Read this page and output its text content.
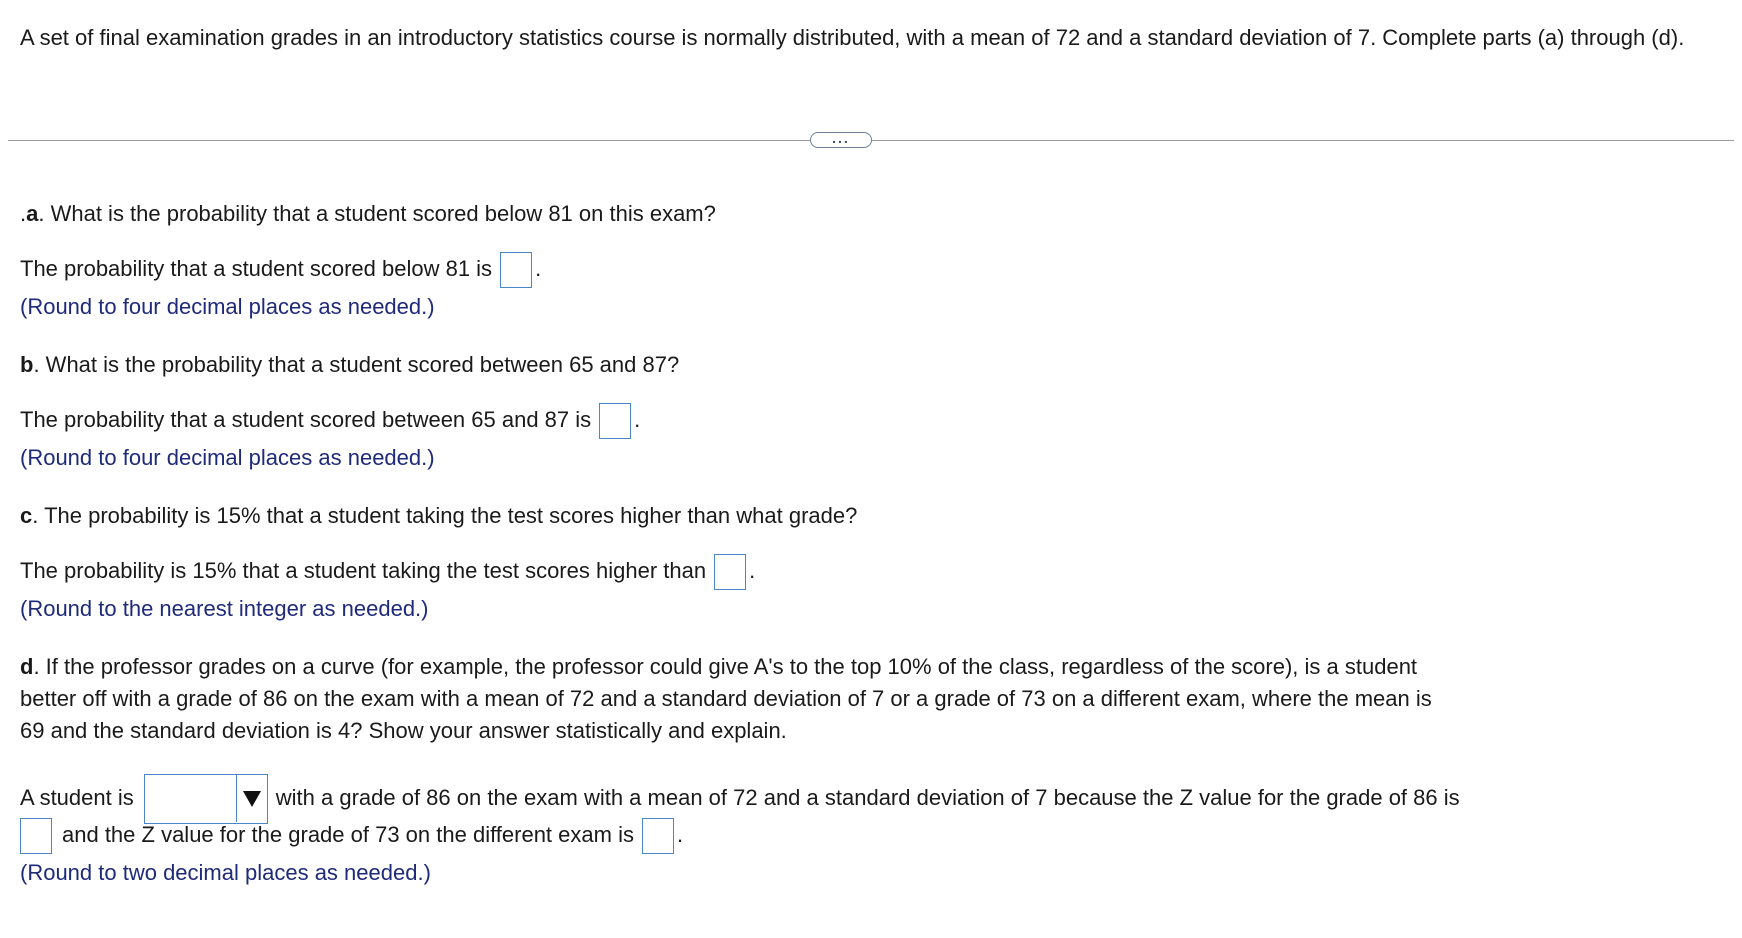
A set of final examination grades in an introductory statistics course is normally distributed, with a mean of 72 and a standard deviation of 7. Complete parts (a) through (d).
...
.a. What is the probability that a student scored below 81 on this exam?
The probability that a student scored below 81 is .
(Round to four decimal places as needed.)
b. What is the probability that a student scored between 65 and 87?
The probability that a student scored between 65 and 87 is .
(Round to four decimal places as needed.)
c. The probability is 15% that a student taking the test scores higher than what grade?
The probability is 15% that a student taking the test scores higher than .
(Round to the nearest integer as needed.)
d. If the professor grades on a curve (for example, the professor could give A's to the top 10% of the class, regardless of the score), is a student
better off with a grade of 86 on the exam with a mean of 72 and a standard deviation of 7 or a grade of 73 on a different exam, where the mean is
69 and the standard deviation is 4? Show your answer statistically and explain.
A student is	with a grade of 86 on the exam with a mean of 72 and a standard deviation of 7 because the Z value for the grade of 86 is
and the Z value for the grade of 73 on the different exam is .
(Round to two decimal places as needed.)
